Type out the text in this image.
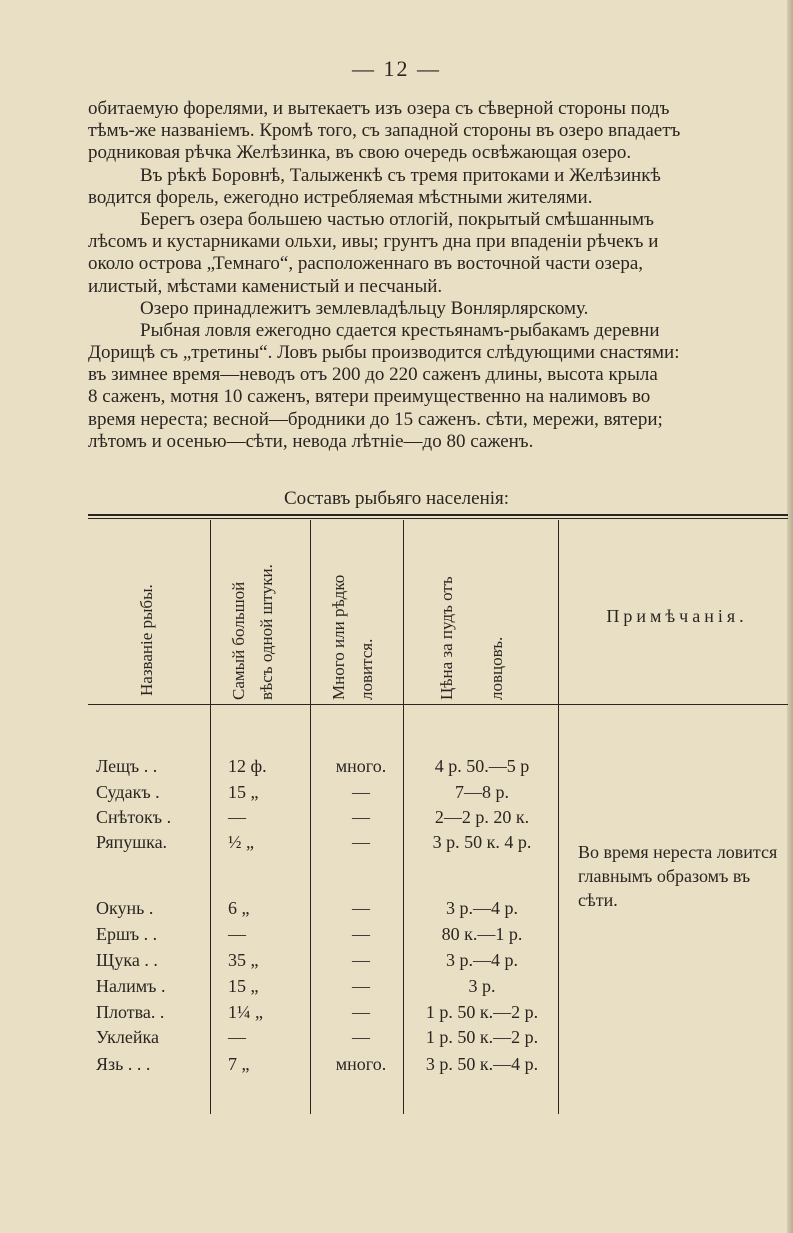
— 12 —
обитаемую форелями, и вытекаетъ изъ озера съ сѣверной стороны подъ
тѣмъ-же названiемъ. Кромѣ того, съ западной стороны въ озеро впадаетъ
родниковая рѣчка Желѣзинка, въ свою очередь освѣжающая озеро.
Въ рѣкѣ Боровнѣ, Талыженкѣ съ тремя притоками и Желѣзинкѣ
водится форель, ежегодно истребляемая мѣстными жителями.
Берегъ озера большею частью отлогiй, покрытый смѣшаннымъ
лѣсомъ и кустарниками ольхи, ивы; грунтъ дна при впаденiи рѣчекъ и
около острова „Темнаго“, расположеннаго въ восточной части озера,
илистый, мѣстами каменистый и песчаный.
Озеро принадлежитъ землевладѣльцу Вонлярлярскому.
Рыбная ловля ежегодно сдается крестьянамъ-рыбакамъ деревни
Дорищѣ съ „третины“. Ловъ рыбы производится слѣдующими снастями:
въ зимнее время—неводъ отъ 200 до 220 саженъ длины, высота крыла
8 саженъ, мотня 10 саженъ, вятери преимущественно на налимовъ во
время нереста; весной—бродники до 15 саженъ. сѣти, мережи, вятери;
лѣтомъ и осенью—сѣти, невода лѣтнiе—до 80 саженъ.
Составъ рыбьяго населенiя:
Названiе рыбы.	Самый большой вѣсъ одной штуки.	Много или рѣдко ловится.	Цѣна за пудъ отъ ловцовъ.
Примѣчанiя.
Лещъ . .	12 ф.	много.	4 р. 50.—5 р
Судакъ .	15 „	—	7—8 р.
Снѣтокъ .	—	—	2—2 р. 20 к.
Ряпушка.	½ „	—	3 р. 50 к. 4 р.
Окунь .	6 „	—	3 р.—4 р.
Ершъ . .	—	—	80 к.—1 р.
Щука . .	35 „	—	3 р.—4 р.
Налимъ .	15 „	—	3 р.
Плотва. .	1¼ „	—	1 р. 50 к.—2 р.
Уклейка	—	—	1 р. 50 к.—2 р.
Язь . . .	7 „	много.	3 р. 50 к.—4 р.
Во время нереста ловится главнымъ образомъ въ сѣти.
